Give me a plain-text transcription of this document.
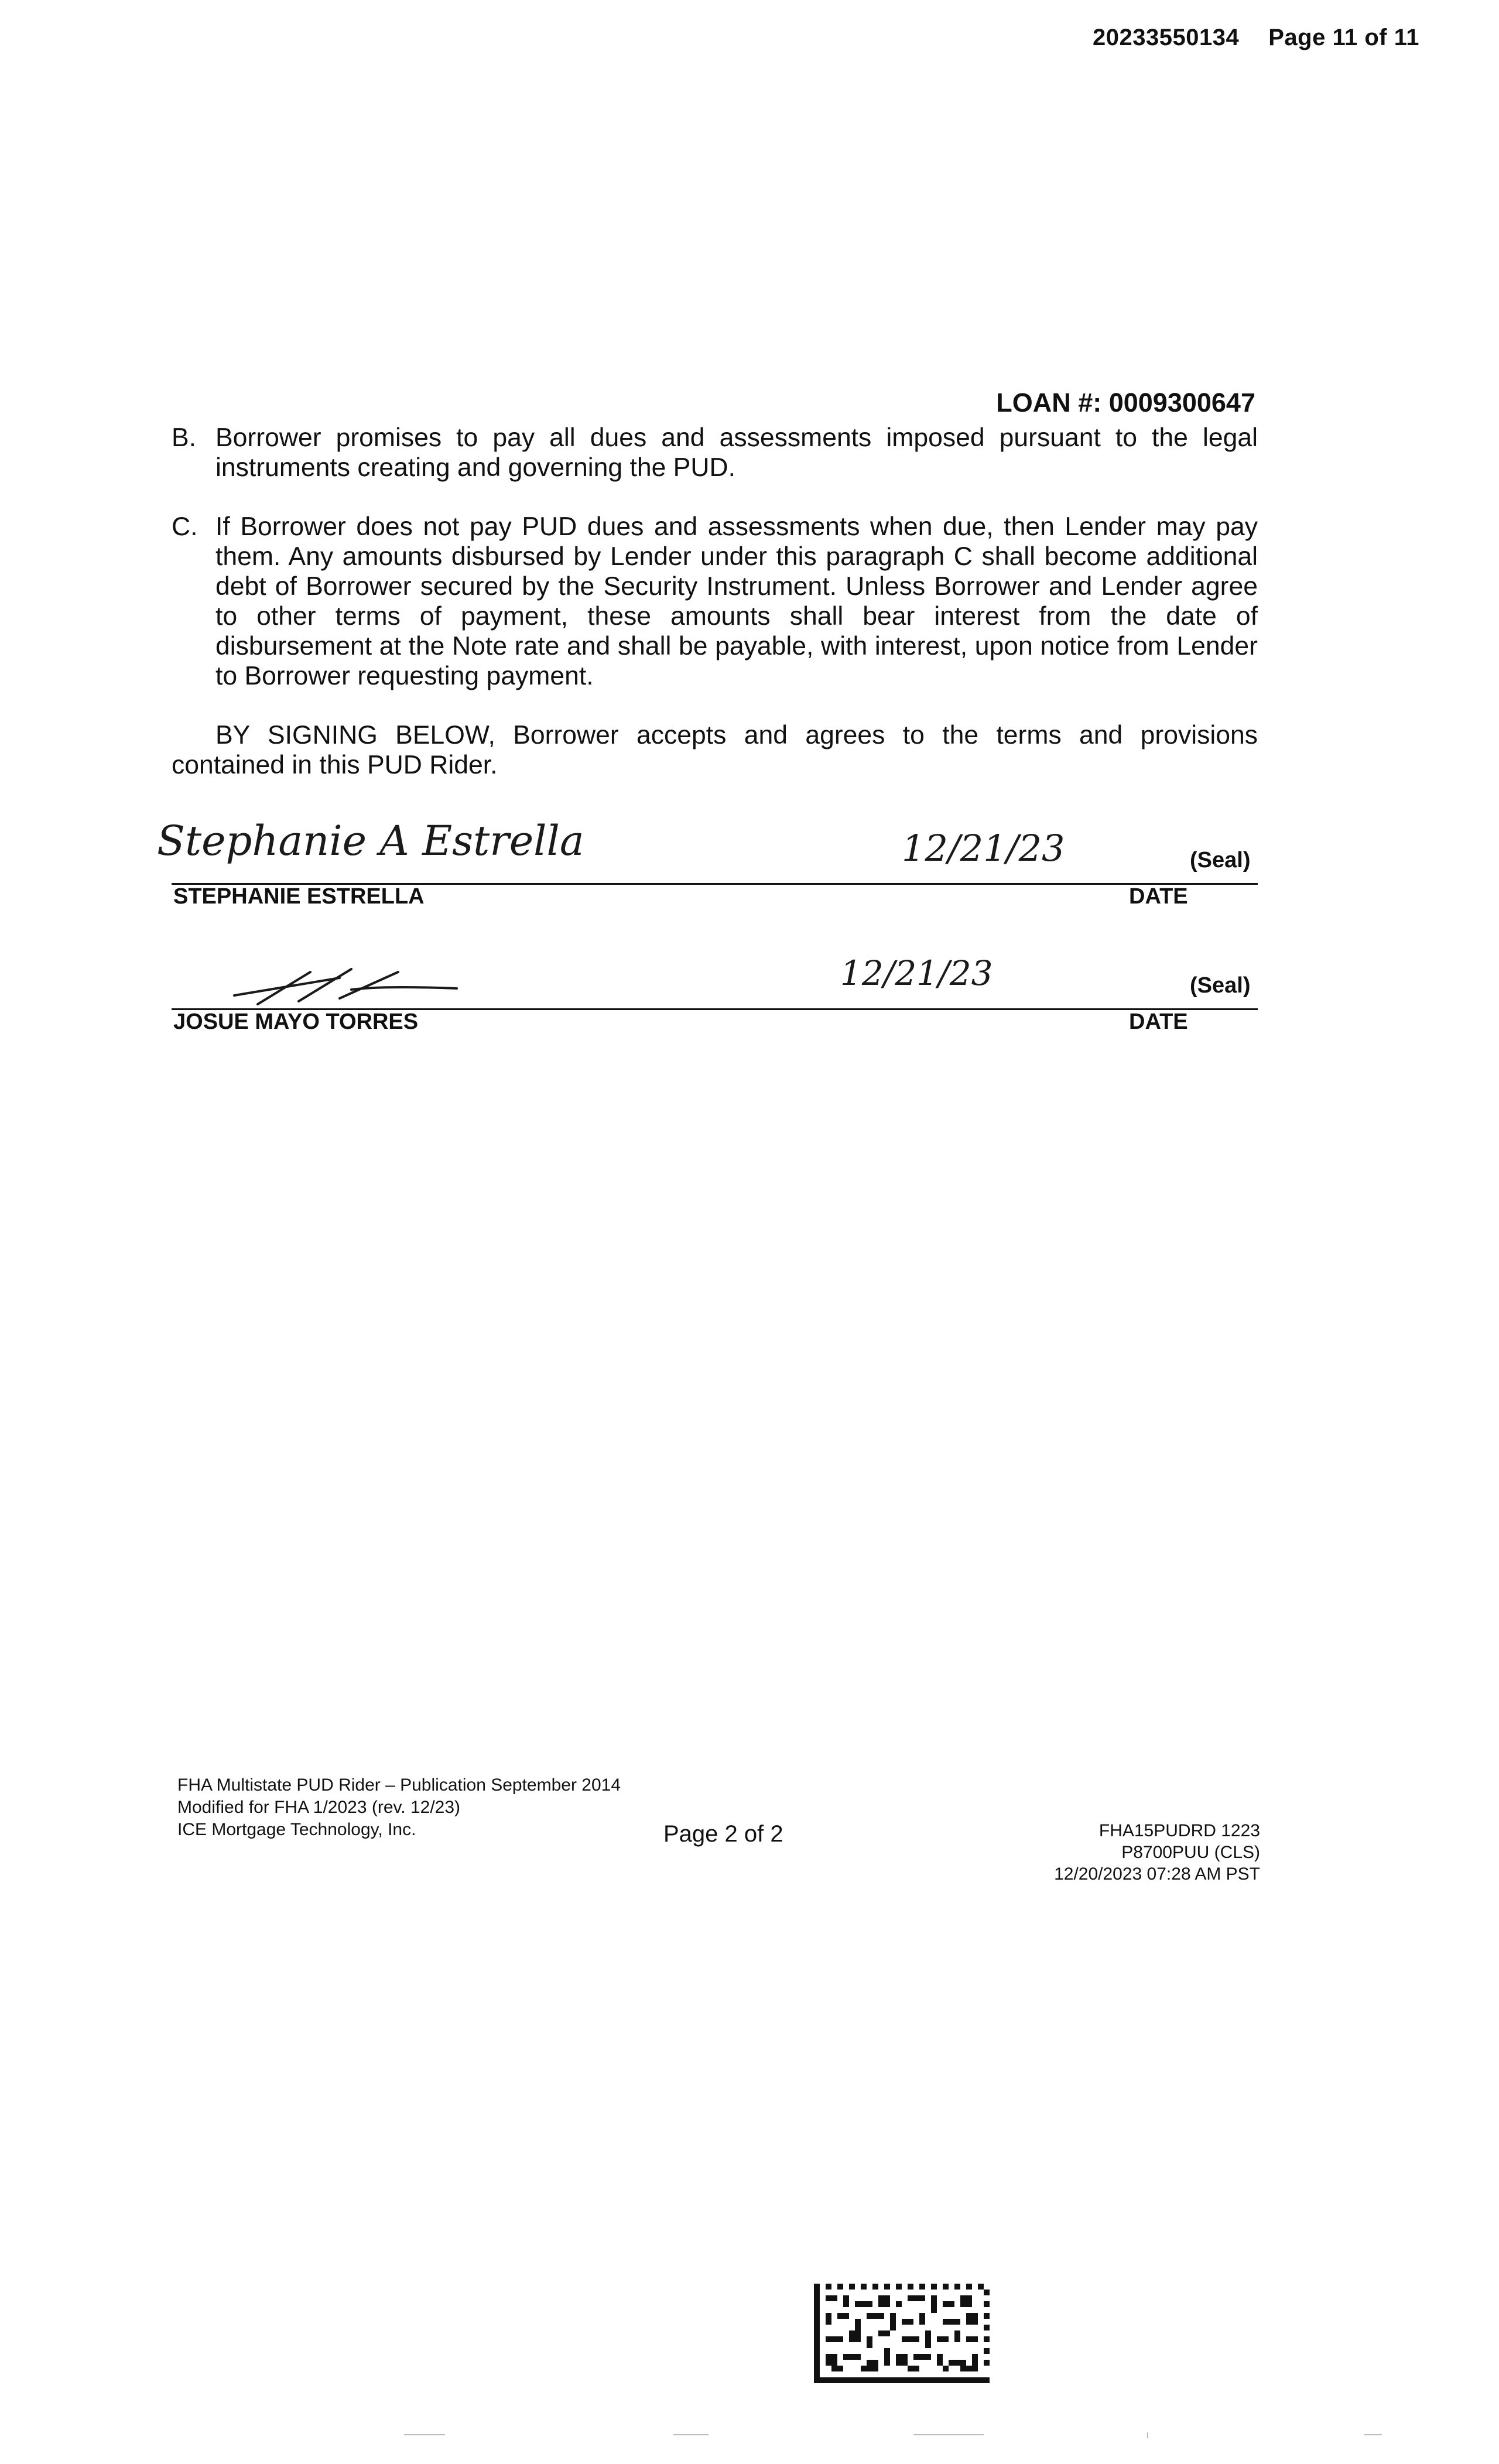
20233550134 Page 11 of 11
LOAN #: 0009300647
B. Borrower promises to pay all dues and assessments imposed pursuant to the legal instruments creating and governing the PUD.
C. If Borrower does not pay PUD dues and assessments when due, then Lender may pay them. Any amounts disbursed by Lender under this paragraph C shall become additional debt of Borrower secured by the Security Instrument. Unless Borrower and Lender agree to other terms of payment, these amounts shall bear interest from the date of disbursement at the Note rate and shall be payable, with interest, upon notice from Lender to Borrower requesting payment.
BY SIGNING BELOW, Borrower accepts and agrees to the terms and provisions contained in this PUD Rider.
Stephanie A Estrella	12/21/23	(Seal)
STEPHANIE ESTRELLA	DATE
12/21/23	(Seal)
JOSUE MAYO TORRES	DATE
FHA Multistate PUD Rider – Publication September 2014
Modified for FHA 1/2023 (rev. 12/23)
ICE Mortgage Technology, Inc.	Page 2 of 2	FHA15PUDRD 1223
P8700PUU (CLS)
12/20/2023 07:28 AM PST
